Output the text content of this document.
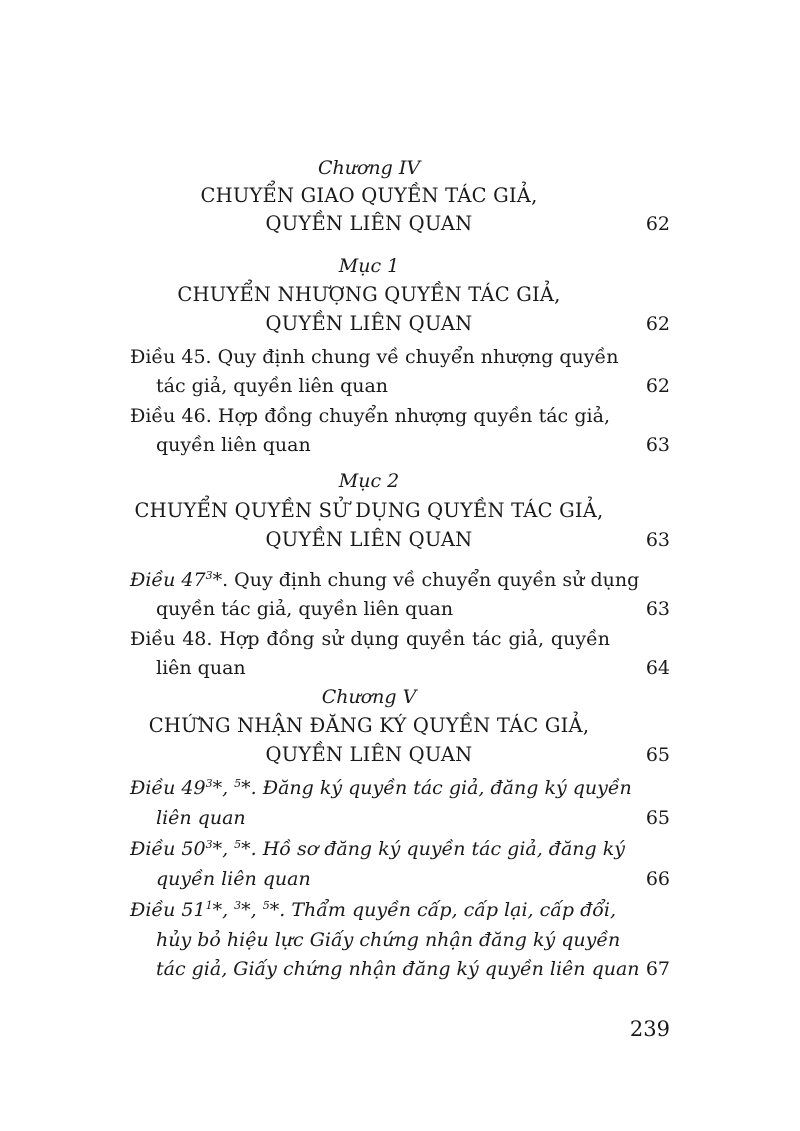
Chương IV
CHUYỂN GIAO QUYỀN TÁC GIẢ,
QUYỀN LIÊN QUAN	62
Mục 1
CHUYỂN NHƯỢNG QUYỀN TÁC GIẢ,
QUYỀN LIÊN QUAN	62
Điều 45. Quy định chung về chuyển nhượng quyền
tác giả, quyền liên quan	62
Điều 46. Hợp đồng chuyển nhượng quyền tác giả,
quyền liên quan	63
Mục 2
CHUYỂN QUYỀN SỬ DỤNG QUYỀN TÁC GIẢ,
QUYỀN LIÊN QUAN	63
Điều $47^3*$. Quy định chung về chuyển quyền sử dụng
quyền tác giả, quyền liên quan	63
Điều 48. Hợp đồng sử dụng quyền tác giả, quyền
liên quan	64
Chương V
CHỨNG NHẬN ĐĂNG KÝ QUYỀN TÁC GIẢ,
QUYỀN LIÊN QUAN	65
Điều $49^3*$, $^5$*. Đăng ký quyền tác giả, đăng ký quyền
liên quan	65
Điều $50^3*$, $^5$*. Hồ sơ đăng ký quyền tác giả, đăng ký
quyền liên quan	66
Điều $51^1*$, $^3$*, $^5$*. Thẩm quyền cấp, cấp lại, cấp đổi,
hủy bỏ hiệu lực Giấy chứng nhận đăng ký quyền
tác giả, Giấy chứng nhận đăng ký quyền liên quan 67
239
